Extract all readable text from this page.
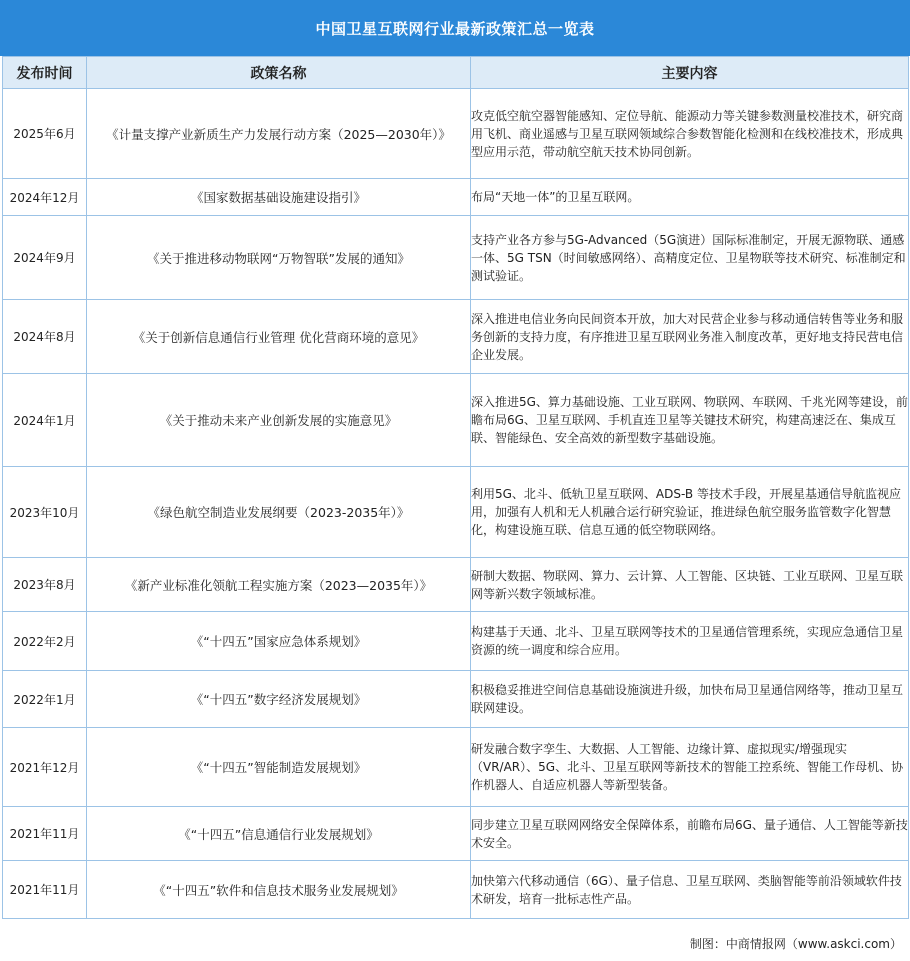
中国卫星互联网行业最新政策汇总一览表
发布时间	政策名称	主要内容
2025年6月	《计量支撑产业新质生产力发展行动方案（2025—2030年）》	攻克低空航空器智能感知、定位导航、能源动力等关键参数测量校准技术，研究商用飞机、商业遥感与卫星互联网领域综合参数智能化检测和在线校准技术，形成典型应用示范，带动航空航天技术协同创新。
2024年12月	《国家数据基础设施建设指引》	布局“天地一体”的卫星互联网。
2024年9月	《关于推进移动物联网“万物智联”发展的通知》	支持产业各方参与5G-Advanced（5G演进）国际标准制定，开展无源物联、通感一体、5G TSN（时间敏感网络）、高精度定位、卫星物联等技术研究、标准制定和测试验证。
2024年8月	《关于创新信息通信行业管理 优化营商环境的意见》	深入推进电信业务向民间资本开放，加大对民营企业参与移动通信转售等业务和服务创新的支持力度，有序推进卫星互联网业务准入制度改革，更好地支持民营电信企业发展。
2024年1月	《关于推动未来产业创新发展的实施意见》	深入推进5G、算力基础设施、工业互联网、物联网、车联网、千兆光网等建设，前瞻布局6G、卫星互联网、手机直连卫星等关键技术研究，构建高速泛在、集成互联、智能绿色、安全高效的新型数字基础设施。
2023年10月	《绿色航空制造业发展纲要（2023-2035年）》	利用5G、北斗、低轨卫星互联网、ADS-B 等技术手段，开展星基通信导航监视应用，加强有人机和无人机融合运行研究验证，推进绿色航空服务监管数字化智慧化，构建设施互联、信息互通的低空物联网络。
2023年8月	《新产业标准化领航工程实施方案（2023—2035年）》	研制大数据、物联网、算力、云计算、人工智能、区块链、工业互联网、卫星互联网等新兴数字领域标准。
2022年2月	《“十四五”国家应急体系规划》	构建基于天通、北斗、卫星互联网等技术的卫星通信管理系统，实现应急通信卫星资源的统一调度和综合应用。
2022年1月	《“十四五”数字经济发展规划》	积极稳妥推进空间信息基础设施演进升级，加快布局卫星通信网络等，推动卫星互联网建设。
2021年12月	《“十四五”智能制造发展规划》	研发融合数字孪生、大数据、人工智能、边缘计算、虚拟现实/增强现实（VR/AR）、5G、北斗、卫星互联网等新技术的智能工控系统、智能工作母机、协作机器人、自适应机器人等新型装备。
2021年11月	《“十四五”信息通信行业发展规划》	同步建立卫星互联网网络安全保障体系，前瞻布局6G、量子通信、人工智能等新技术安全。
2021年11月	《“十四五”软件和信息技术服务业发展规划》	加快第六代移动通信（6G）、量子信息、卫星互联网、类脑智能等前沿领域软件技术研发，培育一批标志性产品。
制图：中商情报网（www.askci.com）
